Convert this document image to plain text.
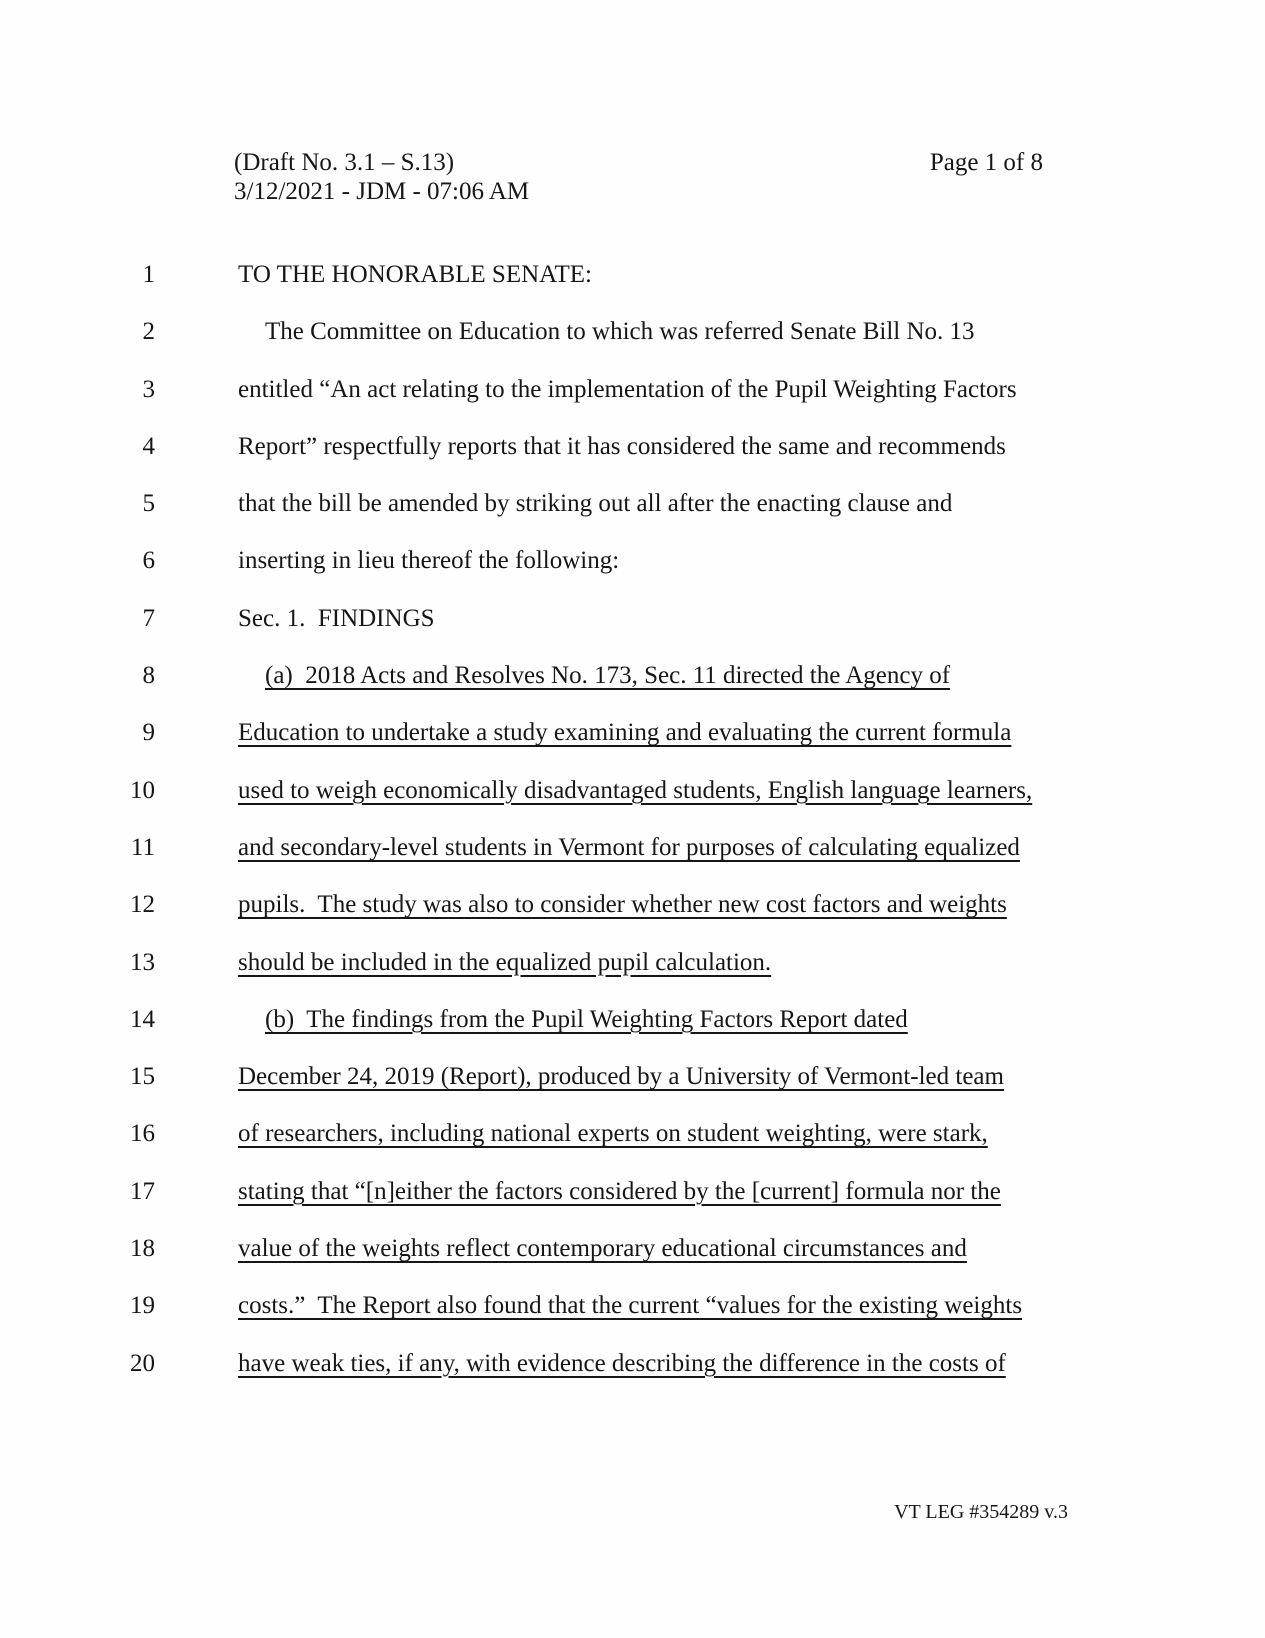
(Draft No. 3.1 – S.13)	Page 1 of 8
3/12/2021 - JDM - 07:06 AM
1	TO THE HONORABLE SENATE:
2	The Committee on Education to which was referred Senate Bill No. 13
3	entitled “An act relating to the implementation of the Pupil Weighting Factors
4	Report” respectfully reports that it has considered the same and recommends
5	that the bill be amended by striking out all after the enacting clause and
6	inserting in lieu thereof the following:
7	Sec. 1.  FINDINGS
8	(a)  2018 Acts and Resolves No. 173, Sec. 11 directed the Agency of
9	Education to undertake a study examining and evaluating the current formula
10	used to weigh economically disadvantaged students, English language learners,
11	and secondary-level students in Vermont for purposes of calculating equalized
12	pupils.  The study was also to consider whether new cost factors and weights
13	should be included in the equalized pupil calculation.
14	(b)  The findings from the Pupil Weighting Factors Report dated
15	December 24, 2019 (Report), produced by a University of Vermont-led team
16	of researchers, including national experts on student weighting, were stark,
17	stating that “[n]either the factors considered by the [current] formula nor the
18	value of the weights reflect contemporary educational circumstances and
19	costs.”  The Report also found that the current “values for the existing weights
20	have weak ties, if any, with evidence describing the difference in the costs of
VT LEG #354289 v.3
